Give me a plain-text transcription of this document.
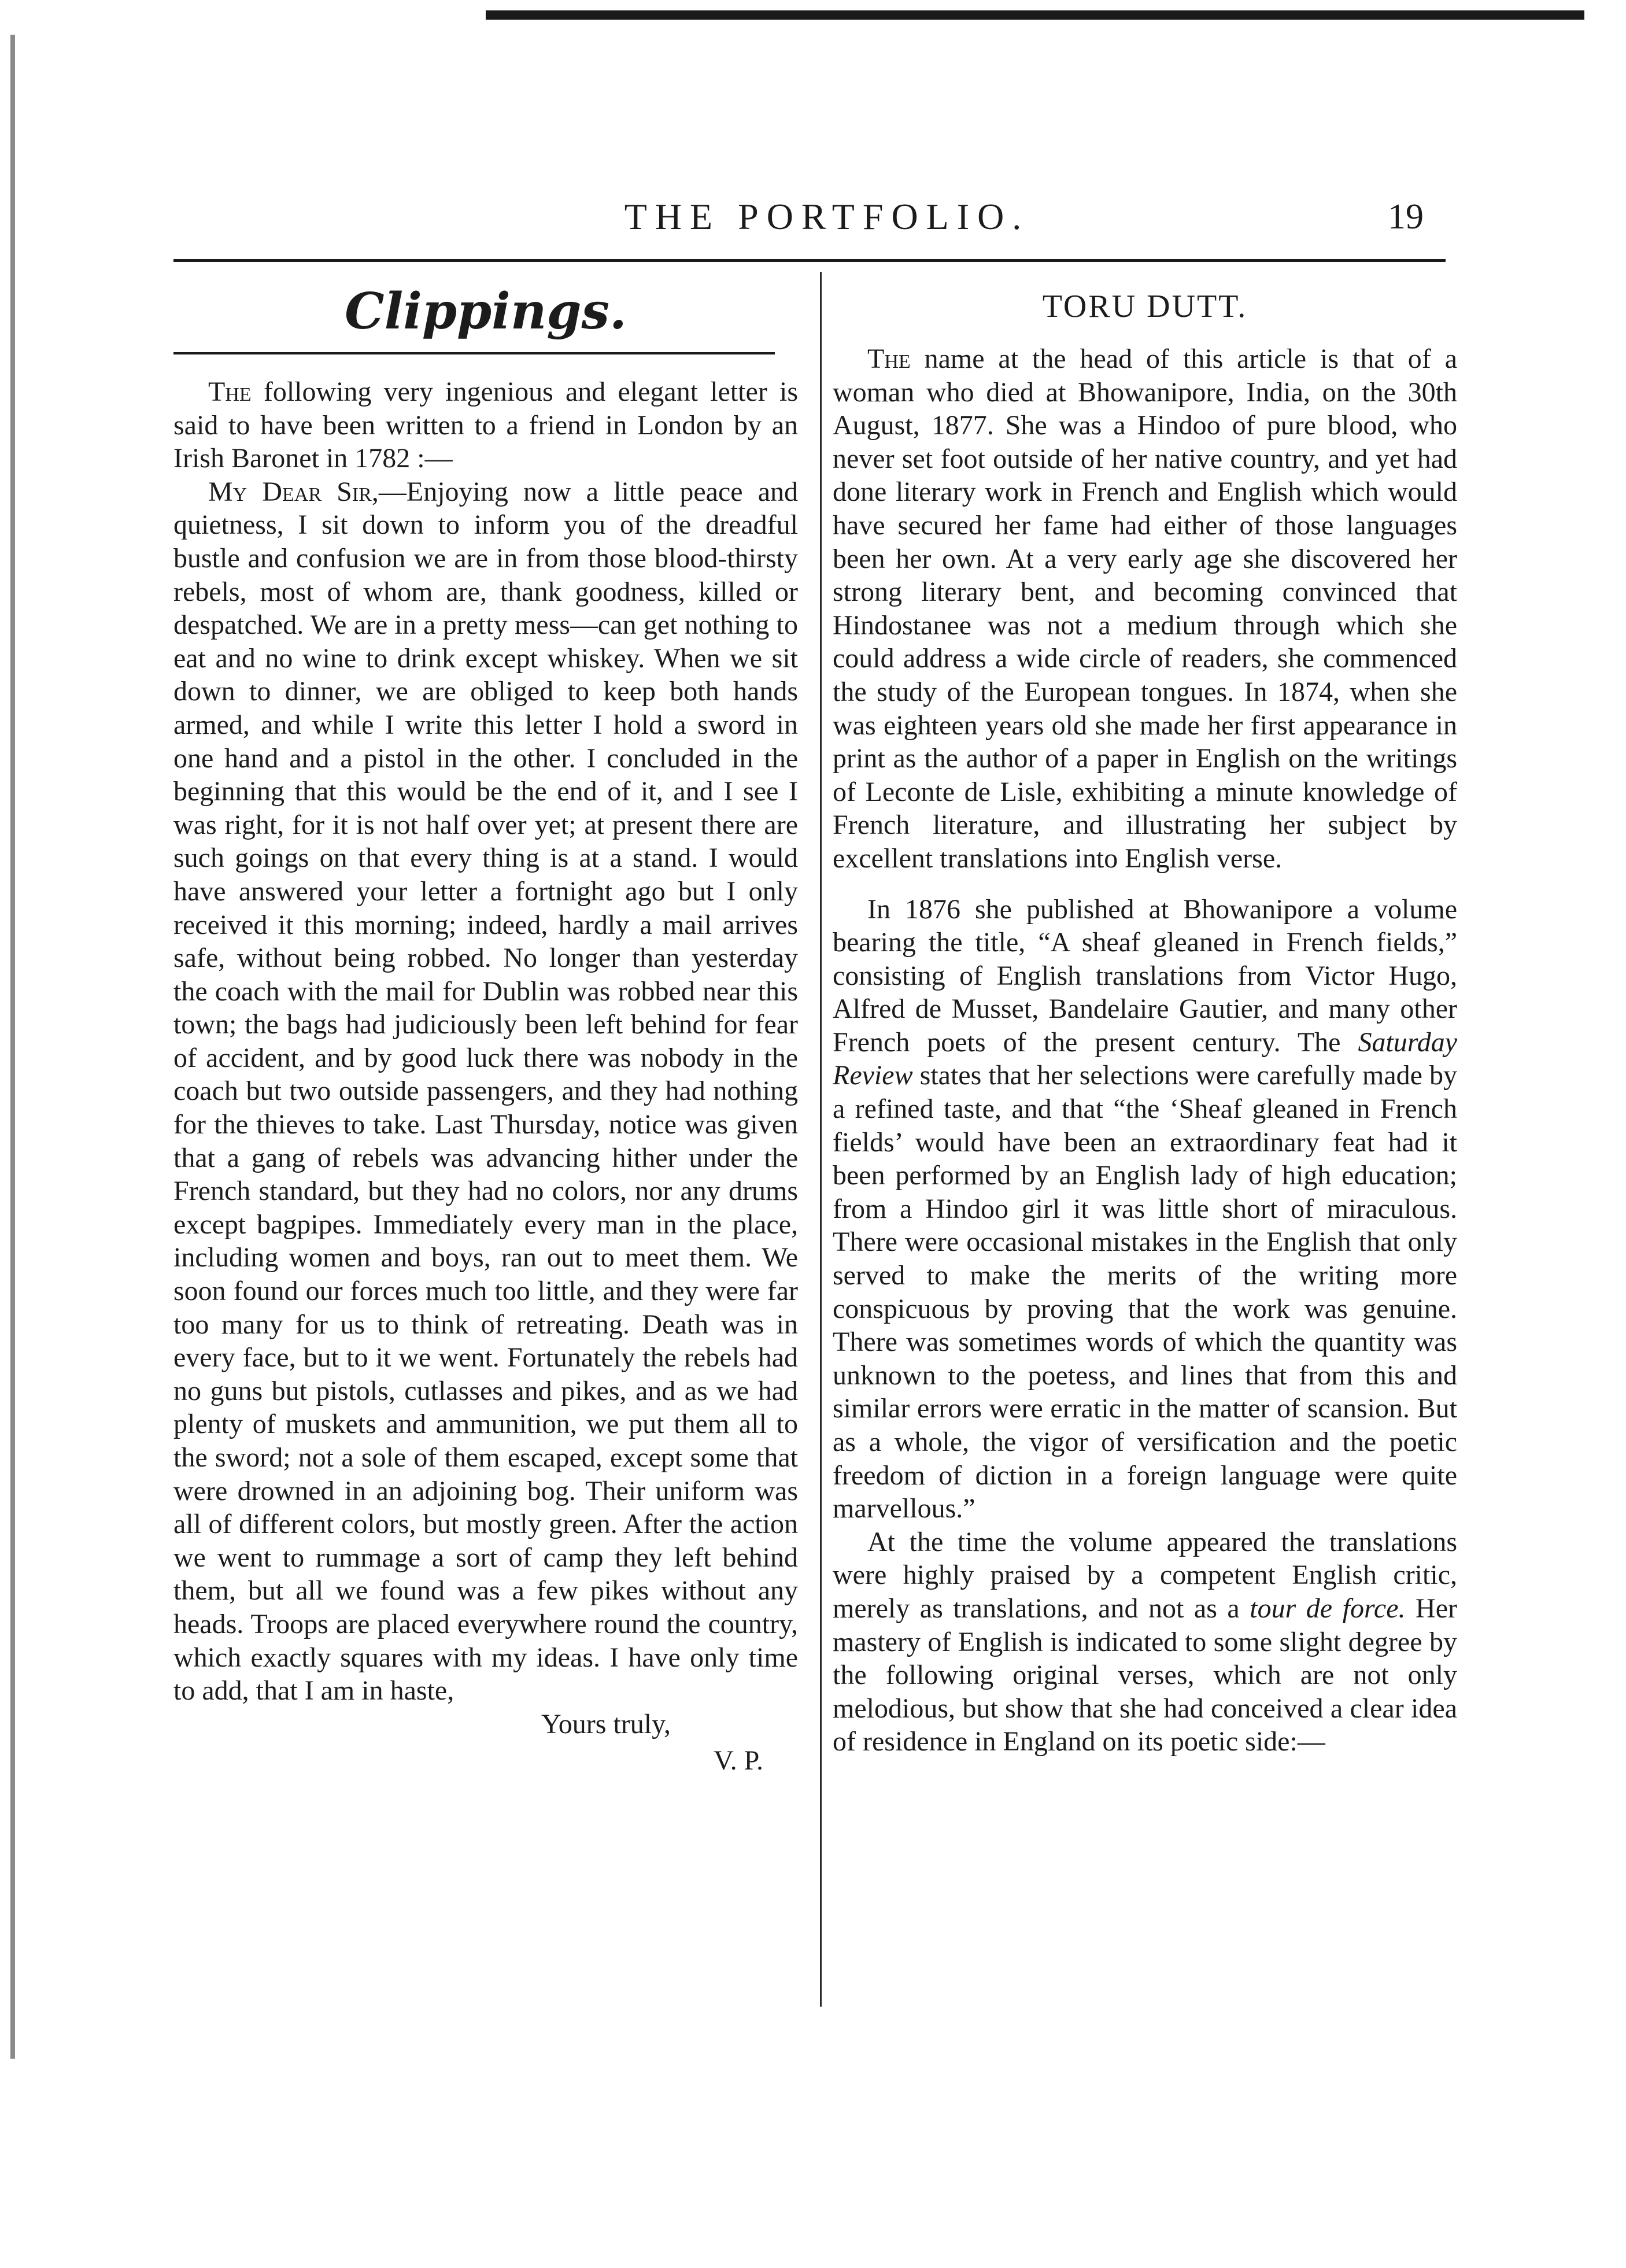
THE PORTFOLIO.	19
Clippings.

The following very ingenious and elegant letter is said to have been written to a friend in London by an Irish Baronet in 1782 :—

My Dear Sir,—Enjoying now a little peace and quietness, I sit down to inform you of the dreadful bustle and confusion we are in from those blood-thirsty rebels, most of whom are, thank goodness, killed or despatched. We are in a pretty mess—can get nothing to eat and no wine to drink except whiskey. When we sit down to dinner, we are obliged to keep both hands armed, and while I write this letter I hold a sword in one hand and a pistol in the other. I concluded in the beginning that this would be the end of it, and I see I was right, for it is not half over yet; at present there are such goings on that every thing is at a stand. I would have answered your letter a fortnight ago but I only received it this morning; indeed, hardly a mail arrives safe, without being robbed. No longer than yesterday the coach with the mail for Dublin was robbed near this town; the bags had judiciously been left behind for fear of accident, and by good luck there was nobody in the coach but two outside passengers, and they had nothing for the thieves to take. Last Thursday, notice was given that a gang of rebels was advancing hither under the French standard, but they had no colors, nor any drums except bagpipes. Immediately every man in the place, including women and boys, ran out to meet them. We soon found our forces much too little, and they were far too many for us to think of retreating. Death was in every face, but to it we went. Fortunately the rebels had no guns but pistols, cutlasses and pikes, and as we had plenty of muskets and ammunition, we put them all to the sword; not a sole of them escaped, except some that were drowned in an adjoining bog. Their uniform was all of different colors, but mostly green. After the action we went to rummage a sort of camp they left behind them, but all we found was a few pikes without any heads. Troops are placed everywhere round the country, which exactly squares with my ideas. I have only time to add, that I am in haste,

Yours truly,
V. P.
TORU DUTT.

The name at the head of this article is that of a woman who died at Bhowanipore, India, on the 30th August, 1877. She was a Hindoo of pure blood, who never set foot outside of her native country, and yet had done literary work in French and English which would have secured her fame had either of those languages been her own. At a very early age she discovered her strong literary bent, and becoming convinced that Hindostanee was not a medium through which she could address a wide circle of readers, she commenced the study of the European tongues. In 1874, when she was eighteen years old she made her first appearance in print as the author of a paper in English on the writings of Leconte de Lisle, exhibiting a minute knowledge of French literature, and illustrating her subject by excellent translations into English verse.

In 1876 she published at Bhowanipore a volume bearing the title, “A sheaf gleaned in French fields,” consisting of English translations from Victor Hugo, Alfred de Musset, Bandelaire Gautier, and many other French poets of the present century. The Saturday Review states that her selections were carefully made by a refined taste, and that “the ‘Sheaf gleaned in French fields’ would have been an extraordinary feat had it been performed by an English lady of high education; from a Hindoo girl it was little short of miraculous. There were occasional mistakes in the English that only served to make the merits of the writing more conspicuous by proving that the work was genuine. There was sometimes words of which the quantity was unknown to the poetess, and lines that from this and similar errors were erratic in the matter of scansion. But as a whole, the vigor of versification and the poetic freedom of diction in a foreign language were quite marvellous.”

At the time the volume appeared the translations were highly praised by a competent English critic, merely as translations, and not as a tour de force. Her mastery of English is indicated to some slight degree by the following original verses, which are not only melodious, but show that she had conceived a clear idea of residence in England on its poetic side:—
